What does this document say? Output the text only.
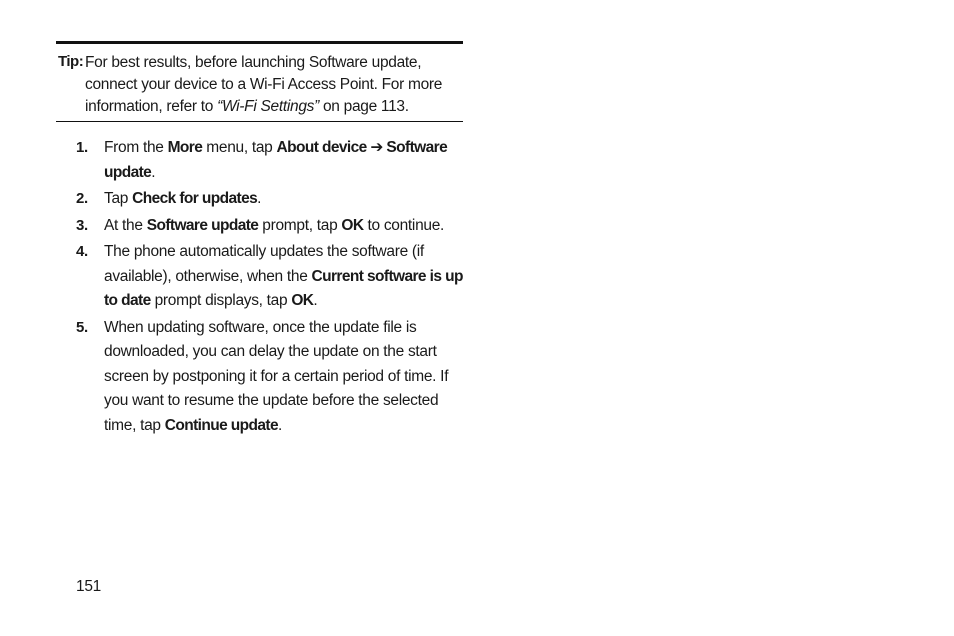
Tip: For best results, before launching Software update,
connect your device to a Wi-Fi Access Point. For more
information, refer to “Wi-Fi Settings” on page 113.
1. From the More menu, tap About device ➔ Software
update.
2. Tap Check for updates.
3. At the Software update prompt, tap OK to continue.
4. The phone automatically updates the software (if
available), otherwise, when the Current software is up
to date prompt displays, tap OK.
5. When updating software, once the update file is
downloaded, you can delay the update on the start
screen by postponing it for a certain period of time. If
you want to resume the update before the selected
time, tap Continue update.
151
